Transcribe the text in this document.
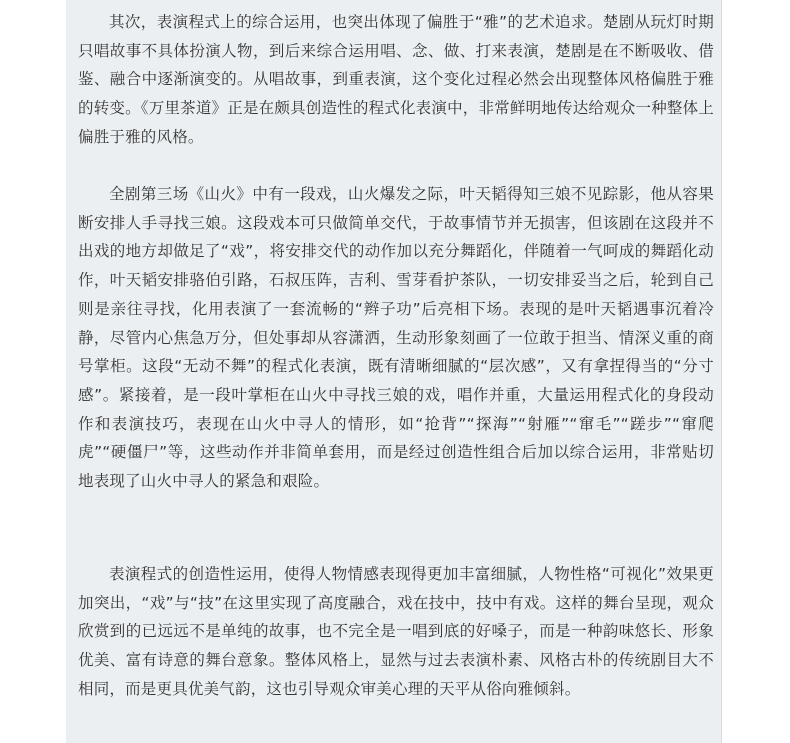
其次，表演程式上的综合运用，也突出体现了偏胜于“雅”的艺术追求。楚剧从玩灯时期只唱故事不具体扮演人物，到后来综合运用唱、念、做、打来表演，楚剧是在不断吸收、借鉴、融合中逐渐演变的。从唱故事，到重表演，这个变化过程必然会出现整体风格偏胜于雅的转变。《万里茶道》正是在颇具创造性的程式化表演中，非常鲜明地传达给观众一种整体上偏胜于雅的风格。

全剧第三场《山火》中有一段戏，山火爆发之际，叶天韬得知三娘不见踪影，他从容果断安排人手寻找三娘。这段戏本可只做简单交代，于故事情节并无损害，但该剧在这段并不出戏的地方却做足了“戏”，将安排交代的动作加以充分舞蹈化，伴随着一气呵成的舞蹈化动作，叶天韬安排骆伯引路，石叔压阵，吉利、雪芽看护茶队，一切安排妥当之后，轮到自己则是亲往寻找，化用表演了一套流畅的“辫子功”后亮相下场。表现的是叶天韬遇事沉着冷静，尽管内心焦急万分，但处事却从容潇洒，生动形象刻画了一位敢于担当、情深义重的商号掌柜。这段“无动不舞”的程式化表演，既有清晰细腻的“层次感”，又有拿捏得当的“分寸感”。紧接着，是一段叶掌柜在山火中寻找三娘的戏，唱作并重，大量运用程式化的身段动作和表演技巧，表现在山火中寻人的情形，如“抢背”“探海”“射雁”“窜毛”“蹉步”“窜爬虎”“硬僵尸”等，这些动作并非简单套用，而是经过创造性组合后加以综合运用，非常贴切地表现了山火中寻人的紧急和艰险。

表演程式的创造性运用，使得人物情感表现得更加丰富细腻，人物性格“可视化”效果更加突出，“戏”与“技”在这里实现了高度融合，戏在技中，技中有戏。这样的舞台呈现，观众欣赏到的已远远不是单纯的故事，也不完全是一唱到底的好嗓子，而是一种韵味悠长、形象优美、富有诗意的舞台意象。整体风格上，显然与过去表演朴素、风格古朴的传统剧目大不相同，而是更具优美气韵，这也引导观众审美心理的天平从俗向雅倾斜。
